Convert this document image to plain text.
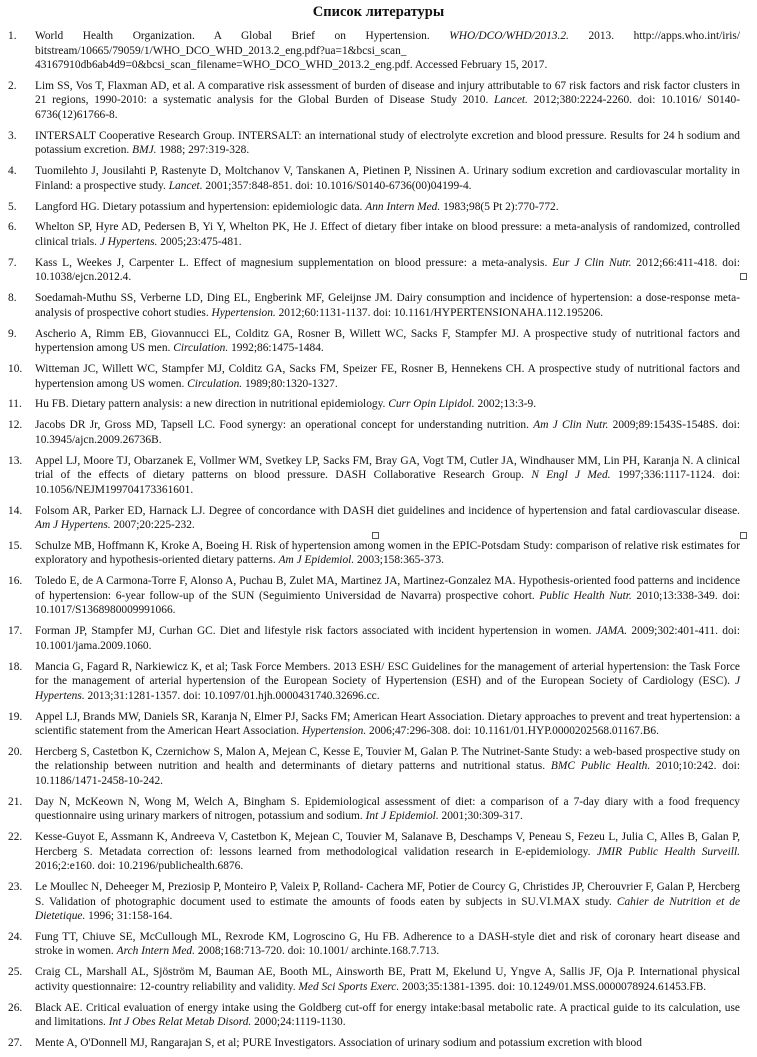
Список литературы
1. World Health Organization. A Global Brief on Hypertension. WHO/DCO/WHD/2013.2. 2013. http://apps.who.int/iris/ bitstream/10665/79059/1/WHO_DCO_WHD_2013.2_eng.pdf?ua=1&bcsi_scan_ 43167910db6ab4d9=0&bcsi_scan_filename=WHO_DCO_WHD_2013.2_eng.pdf. Accessed February 15, 2017.
2. Lim SS, Vos T, Flaxman AD, et al. A comparative risk assessment of burden of disease and injury attributable to 67 risk factors and risk factor clusters in 21 regions, 1990-2010: a systematic analysis for the Global Burden of Disease Study 2010. Lancet. 2012;380:2224-2260. doi: 10.1016/ S0140-6736(12)61766-8.
3. INTERSALT Cooperative Research Group. INTERSALT: an international study of electrolyte excretion and blood pressure. Results for 24 h sodium and potassium excretion. BMJ. 1988; 297:319-328.
4. Tuomilehto J, Jousilahti P, Rastenyte D, Moltchanov V, Tanskanen A, Pietinen P, Nissinen A. Urinary sodium excretion and cardiovascular mortality in Finland: a prospective study. Lancet. 2001;357:848-851. doi: 10.1016/S0140-6736(00)04199-4.
5. Langford HG. Dietary potassium and hypertension: epidemiologic data. Ann Intern Med. 1983;98(5 Pt 2):770-772.
6. Whelton SP, Hyre AD, Pedersen B, Yi Y, Whelton PK, He J. Effect of dietary fiber intake on blood pressure: a meta-analysis of randomized, controlled clinical trials. J Hypertens. 2005;23:475-481.
7. Kass L, Weekes J, Carpenter L. Effect of magnesium supplementation on blood pressure: a meta-analysis. Eur J Clin Nutr. 2012;66:411-418. doi: 10.1038/ejcn.2012.4.
8. Soedamah-Muthu SS, Verberne LD, Ding EL, Engberink MF, Geleijnse JM. Dairy consumption and incidence of hypertension: a dose-response meta-analysis of prospective cohort studies. Hypertension. 2012;60:1131-1137. doi: 10.1161/HYPERTENSIONAHA.112.195206.
9. Ascherio A, Rimm EB, Giovannucci EL, Colditz GA, Rosner B, Willett WC, Sacks F, Stampfer MJ. A prospective study of nutritional factors and hypertension among US men. Circulation. 1992;86:1475-1484.
10. Witteman JC, Willett WC, Stampfer MJ, Colditz GA, Sacks FM, Speizer FE, Rosner B, Hennekens CH. A prospective study of nutritional factors and hypertension among US women. Circulation. 1989;80:1320-1327.
11. Hu FB. Dietary pattern analysis: a new direction in nutritional epidemiology. Curr Opin Lipidol. 2002;13:3-9.
12. Jacobs DR Jr, Gross MD, Tapsell LC. Food synergy: an operational concept for understanding nutrition. Am J Clin Nutr. 2009;89:1543S-1548S. doi: 10.3945/ajcn.2009.26736B.
13. Appel LJ, Moore TJ, Obarzanek E, Vollmer WM, Svetkey LP, Sacks FM, Bray GA, Vogt TM, Cutler JA, Windhauser MM, Lin PH, Karanja N. A clinical trial of the effects of dietary patterns on blood pressure. DASH Collaborative Research Group. N Engl J Med. 1997;336:1117-1124. doi: 10.1056/NEJM199704173361601.
14. Folsom AR, Parker ED, Harnack LJ. Degree of concordance with DASH diet guidelines and incidence of hypertension and fatal cardiovascular disease. Am J Hypertens. 2007;20:225-232.
15. Schulze MB, Hoffmann K, Kroke A, Boeing H. Risk of hypertension among women in the EPIC-Potsdam Study: comparison of relative risk estimates for exploratory and hypothesis-oriented dietary patterns. Am J Epidemiol. 2003;158:365-373.
16. Toledo E, de A Carmona-Torre F, Alonso A, Puchau B, Zulet MA, Martinez JA, Martinez-Gonzalez MA. Hypothesis-oriented food patterns and incidence of hypertension: 6-year follow-up of the SUN (Seguimiento Universidad de Navarra) prospective cohort. Public Health Nutr. 2010;13:338-349. doi: 10.1017/S1368980009991066.
17. Forman JP, Stampfer MJ, Curhan GC. Diet and lifestyle risk factors associated with incident hypertension in women. JAMA. 2009;302:401-411. doi: 10.1001/jama.2009.1060.
18. Mancia G, Fagard R, Narkiewicz K, et al; Task Force Members. 2013 ESH/ ESC Guidelines for the management of arterial hypertension: the Task Force for the management of arterial hypertension of the European Society of Hypertension (ESH) and of the European Society of Cardiology (ESC). J Hypertens. 2013;31:1281-1357. doi: 10.1097/01.hjh.0000431740.32696.cc.
19. Appel LJ, Brands MW, Daniels SR, Karanja N, Elmer PJ, Sacks FM; American Heart Association. Dietary approaches to prevent and treat hypertension: a scientific statement from the American Heart Association. Hypertension. 2006;47:296-308. doi: 10.1161/01.HYP.0000202568.01167.B6.
20. Hercberg S, Castetbon K, Czernichow S, Malon A, Mejean C, Kesse E, Touvier M, Galan P. The Nutrinet-Sante Study: a web-based prospective study on the relationship between nutrition and health and determinants of dietary patterns and nutritional status. BMC Public Health. 2010;10:242. doi: 10.1186/1471-2458-10-242.
21. Day N, McKeown N, Wong M, Welch A, Bingham S. Epidemiological assessment of diet: a comparison of a 7-day diary with a food frequency questionnaire using urinary markers of nitrogen, potassium and sodium. Int J Epidemiol. 2001;30:309-317.
22. Kesse-Guyot E, Assmann K, Andreeva V, Castetbon K, Mejean C, Touvier M, Salanave B, Deschamps V, Peneau S, Fezeu L, Julia C, Alles B, Galan P, Hercberg S. Metadata correction of: lessons learned from methodological validation research in E-epidemiology. JMIR Public Health Surveill. 2016;2:e160. doi: 10.2196/publichealth.6876.
23. Le Moullec N, Deheeger M, Preziosip P, Monteiro P, Valeix P, Rolland- Cachera MF, Potier de Courcy G, Christides JP, Cherouvrier F, Galan P, Hercberg S. Validation of photographic document used to estimate the amounts of foods eaten by subjects in SU.VI.MAX study. Cahier de Nutrition et de Dietetique. 1996; 31:158-164.
24. Fung TT, Chiuve SE, McCullough ML, Rexrode KM, Logroscino G, Hu FB. Adherence to a DASH-style diet and risk of coronary heart disease and stroke in women. Arch Intern Med. 2008;168:713-720. doi: 10.1001/ archinte.168.7.713.
25. Craig CL, Marshall AL, Sjöström M, Bauman AE, Booth ML, Ainsworth BE, Pratt M, Ekelund U, Yngve A, Sallis JF, Oja P. International physical activity questionnaire: 12-country reliability and validity. Med Sci Sports Exerc. 2003;35:1381-1395. doi: 10.1249/01.MSS.0000078924.61453.FB.
26. Black AE. Critical evaluation of energy intake using the Goldberg cut-off for energy intake:basal metabolic rate. A practical guide to its calculation, use and limitations. Int J Obes Relat Metab Disord. 2000;24:1119-1130.
27. Mente A, O'Donnell MJ, Rangarajan S, et al; PURE Investigators. Association of urinary sodium and potassium excretion with blood
